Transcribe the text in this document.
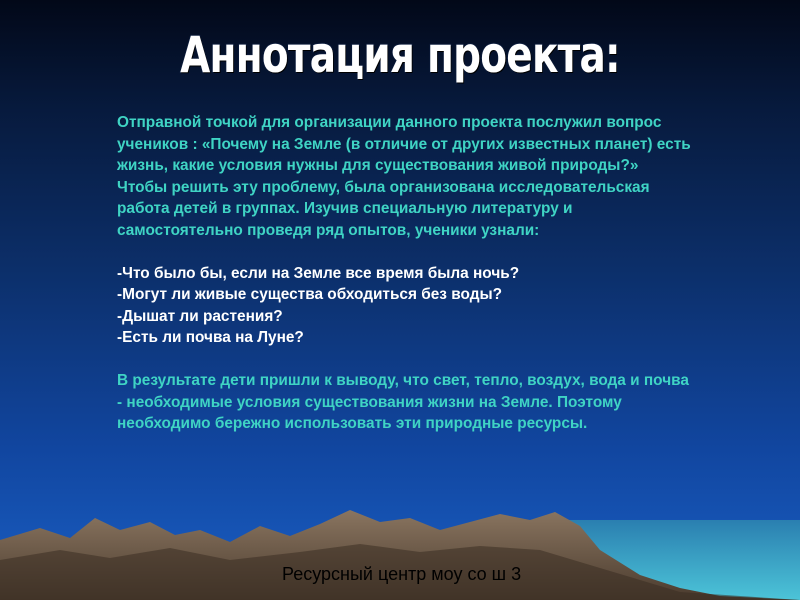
Аннотация проекта:

Отправной точкой для организации данного проекта послужил вопрос учеников : «Почему на Земле (в отличие от других известных планет) есть жизнь, какие условия нужны для существования живой природы?»

Чтобы решить эту проблему, была организована исследовательская работа детей в группах. Изучив специальную литературу и самостоятельно проведя ряд опытов, ученики узнали:

-Что было бы, если на Земле все время была ночь?

-Могут ли живые существа обходиться без воды?

-Дышат ли растения?

-Есть ли почва на Луне?

В результате дети пришли к выводу, что свет, тепло, воздух, вода и почва - необходимые условия существования жизни на Земле. Поэтому необходимо бережно использовать эти природные ресурсы.

Ресурсный центр моу со ш 3
